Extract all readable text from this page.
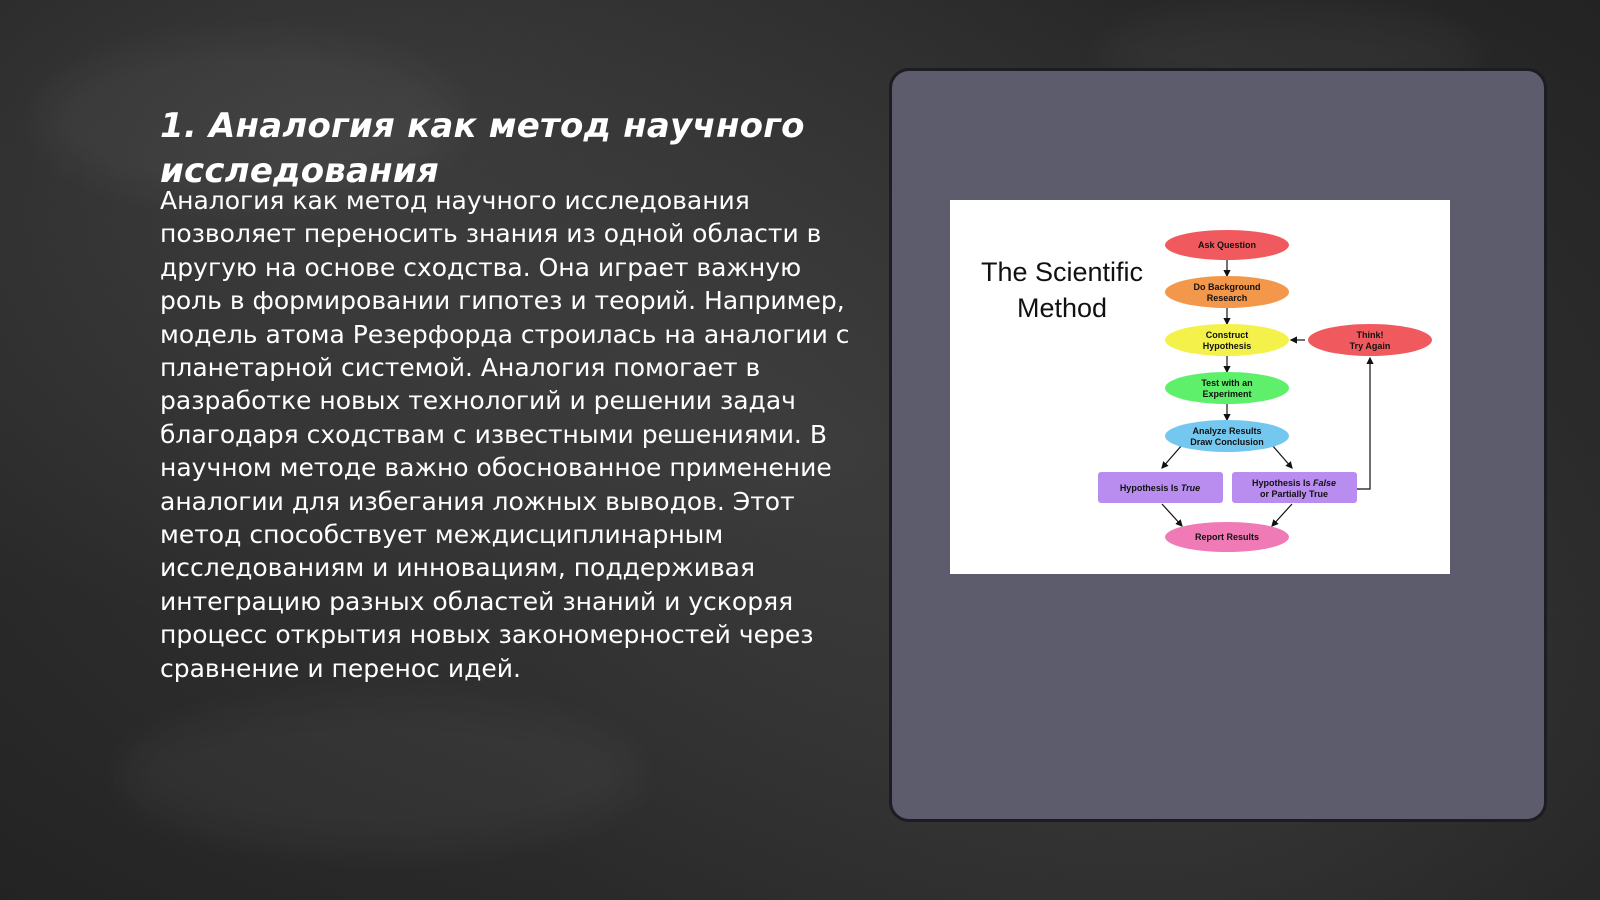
1. Аналогия как метод научного исследования

Аналогия как метод научного исследования позволяет переносить знания из одной области в другую на основе сходства. Она играет важную роль в формировании гипотез и теорий. Например, модель атома Резерфорда строилась на аналогии с планетарной системой. Аналогия помогает в разработке новых технологий и решении задач благодаря сходствам с известными решениями. В научном методе важно обоснованное применение аналогии для избегания ложных выводов. Этот метод способствует междисциплинарным исследованиям и инновациям, поддерживая интеграцию разных областей знаний и ускоряя процесс открытия новых закономерностей через сравнение и перенос идей.

The Scientific
Method
Ask Question
Do Background
Research
Construct
Hypothesis
Think!
Try Again
Test with an
Experiment
Analyze Results
Draw Conclusion
Hypothesis Is True	Hypothesis Is False
or Partially True
Report Results
